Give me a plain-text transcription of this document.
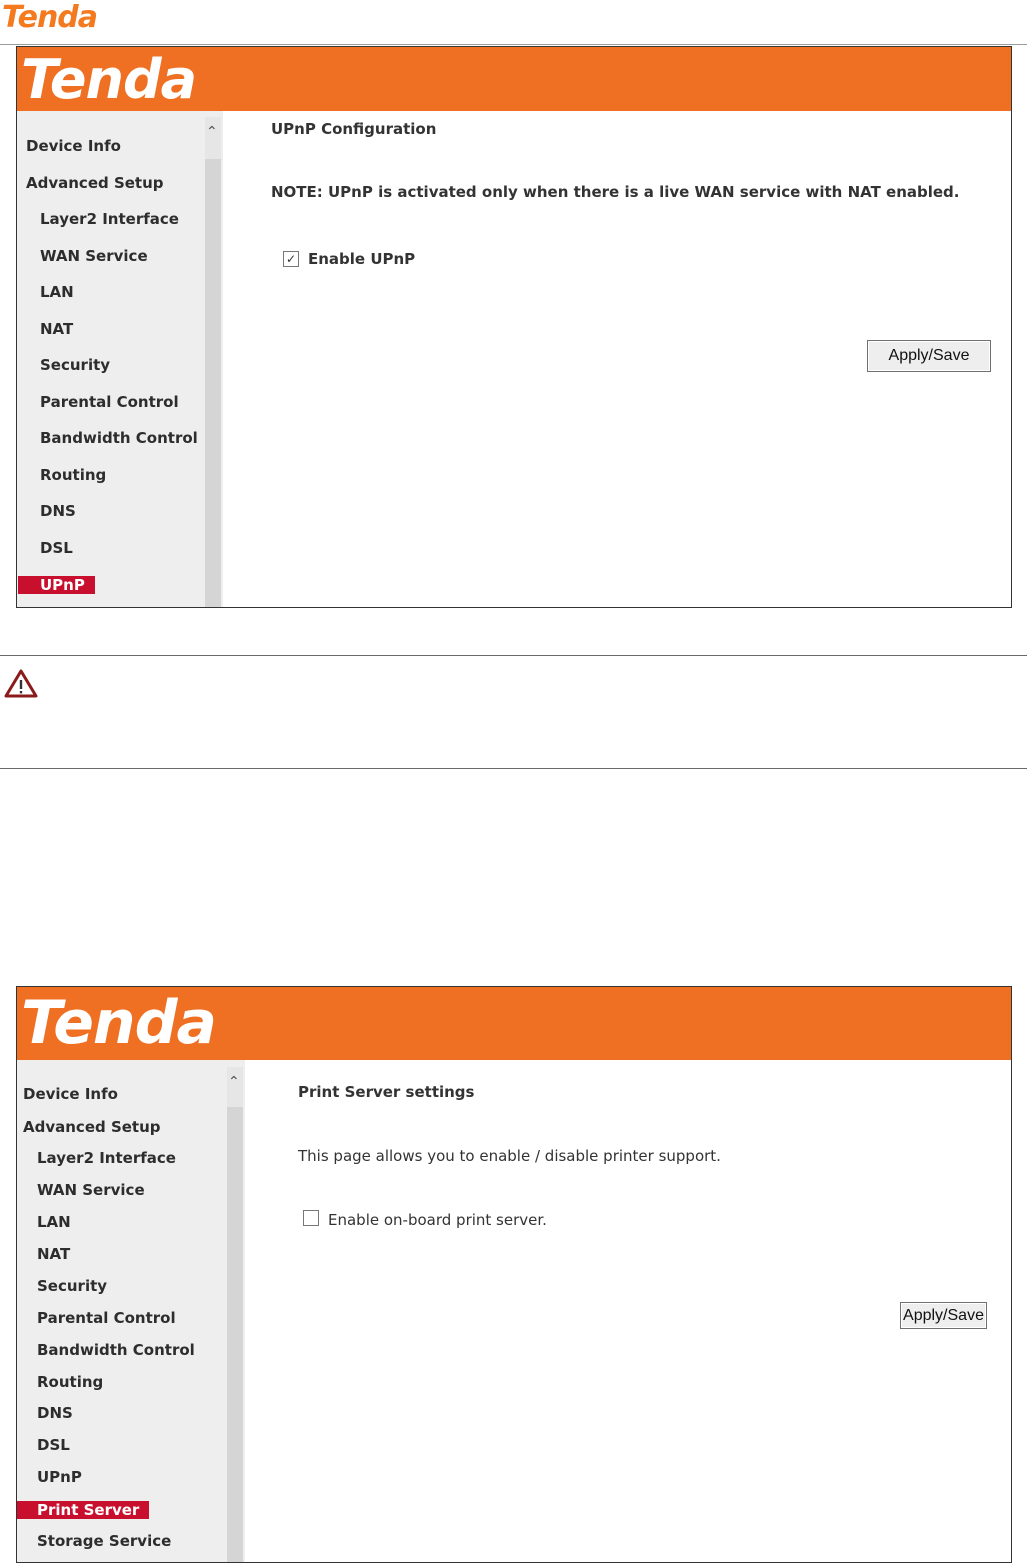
Tenda
Tenda
Device Info
Advanced Setup
Layer2 Interface
WAN Service
LAN
NAT
Security
Parental Control
Bandwidth Control
Routing
DNS
DSL
UPnP
⌃	UPnP Configuration
NOTE: UPnP is activated only when there is a live WAN service with NAT enabled.
✓ Enable UPnP
Apply/Save
Tenda
Device Info
Advanced Setup
Layer2 Interface
WAN Service
LAN
NAT
Security
Parental Control
Bandwidth Control
Routing
DNS
DSL
UPnP
Print Server
Storage Service
⌃
Print Server settings
This page allows you to enable / disable printer support.
Enable on-board print server.
Apply/Save
